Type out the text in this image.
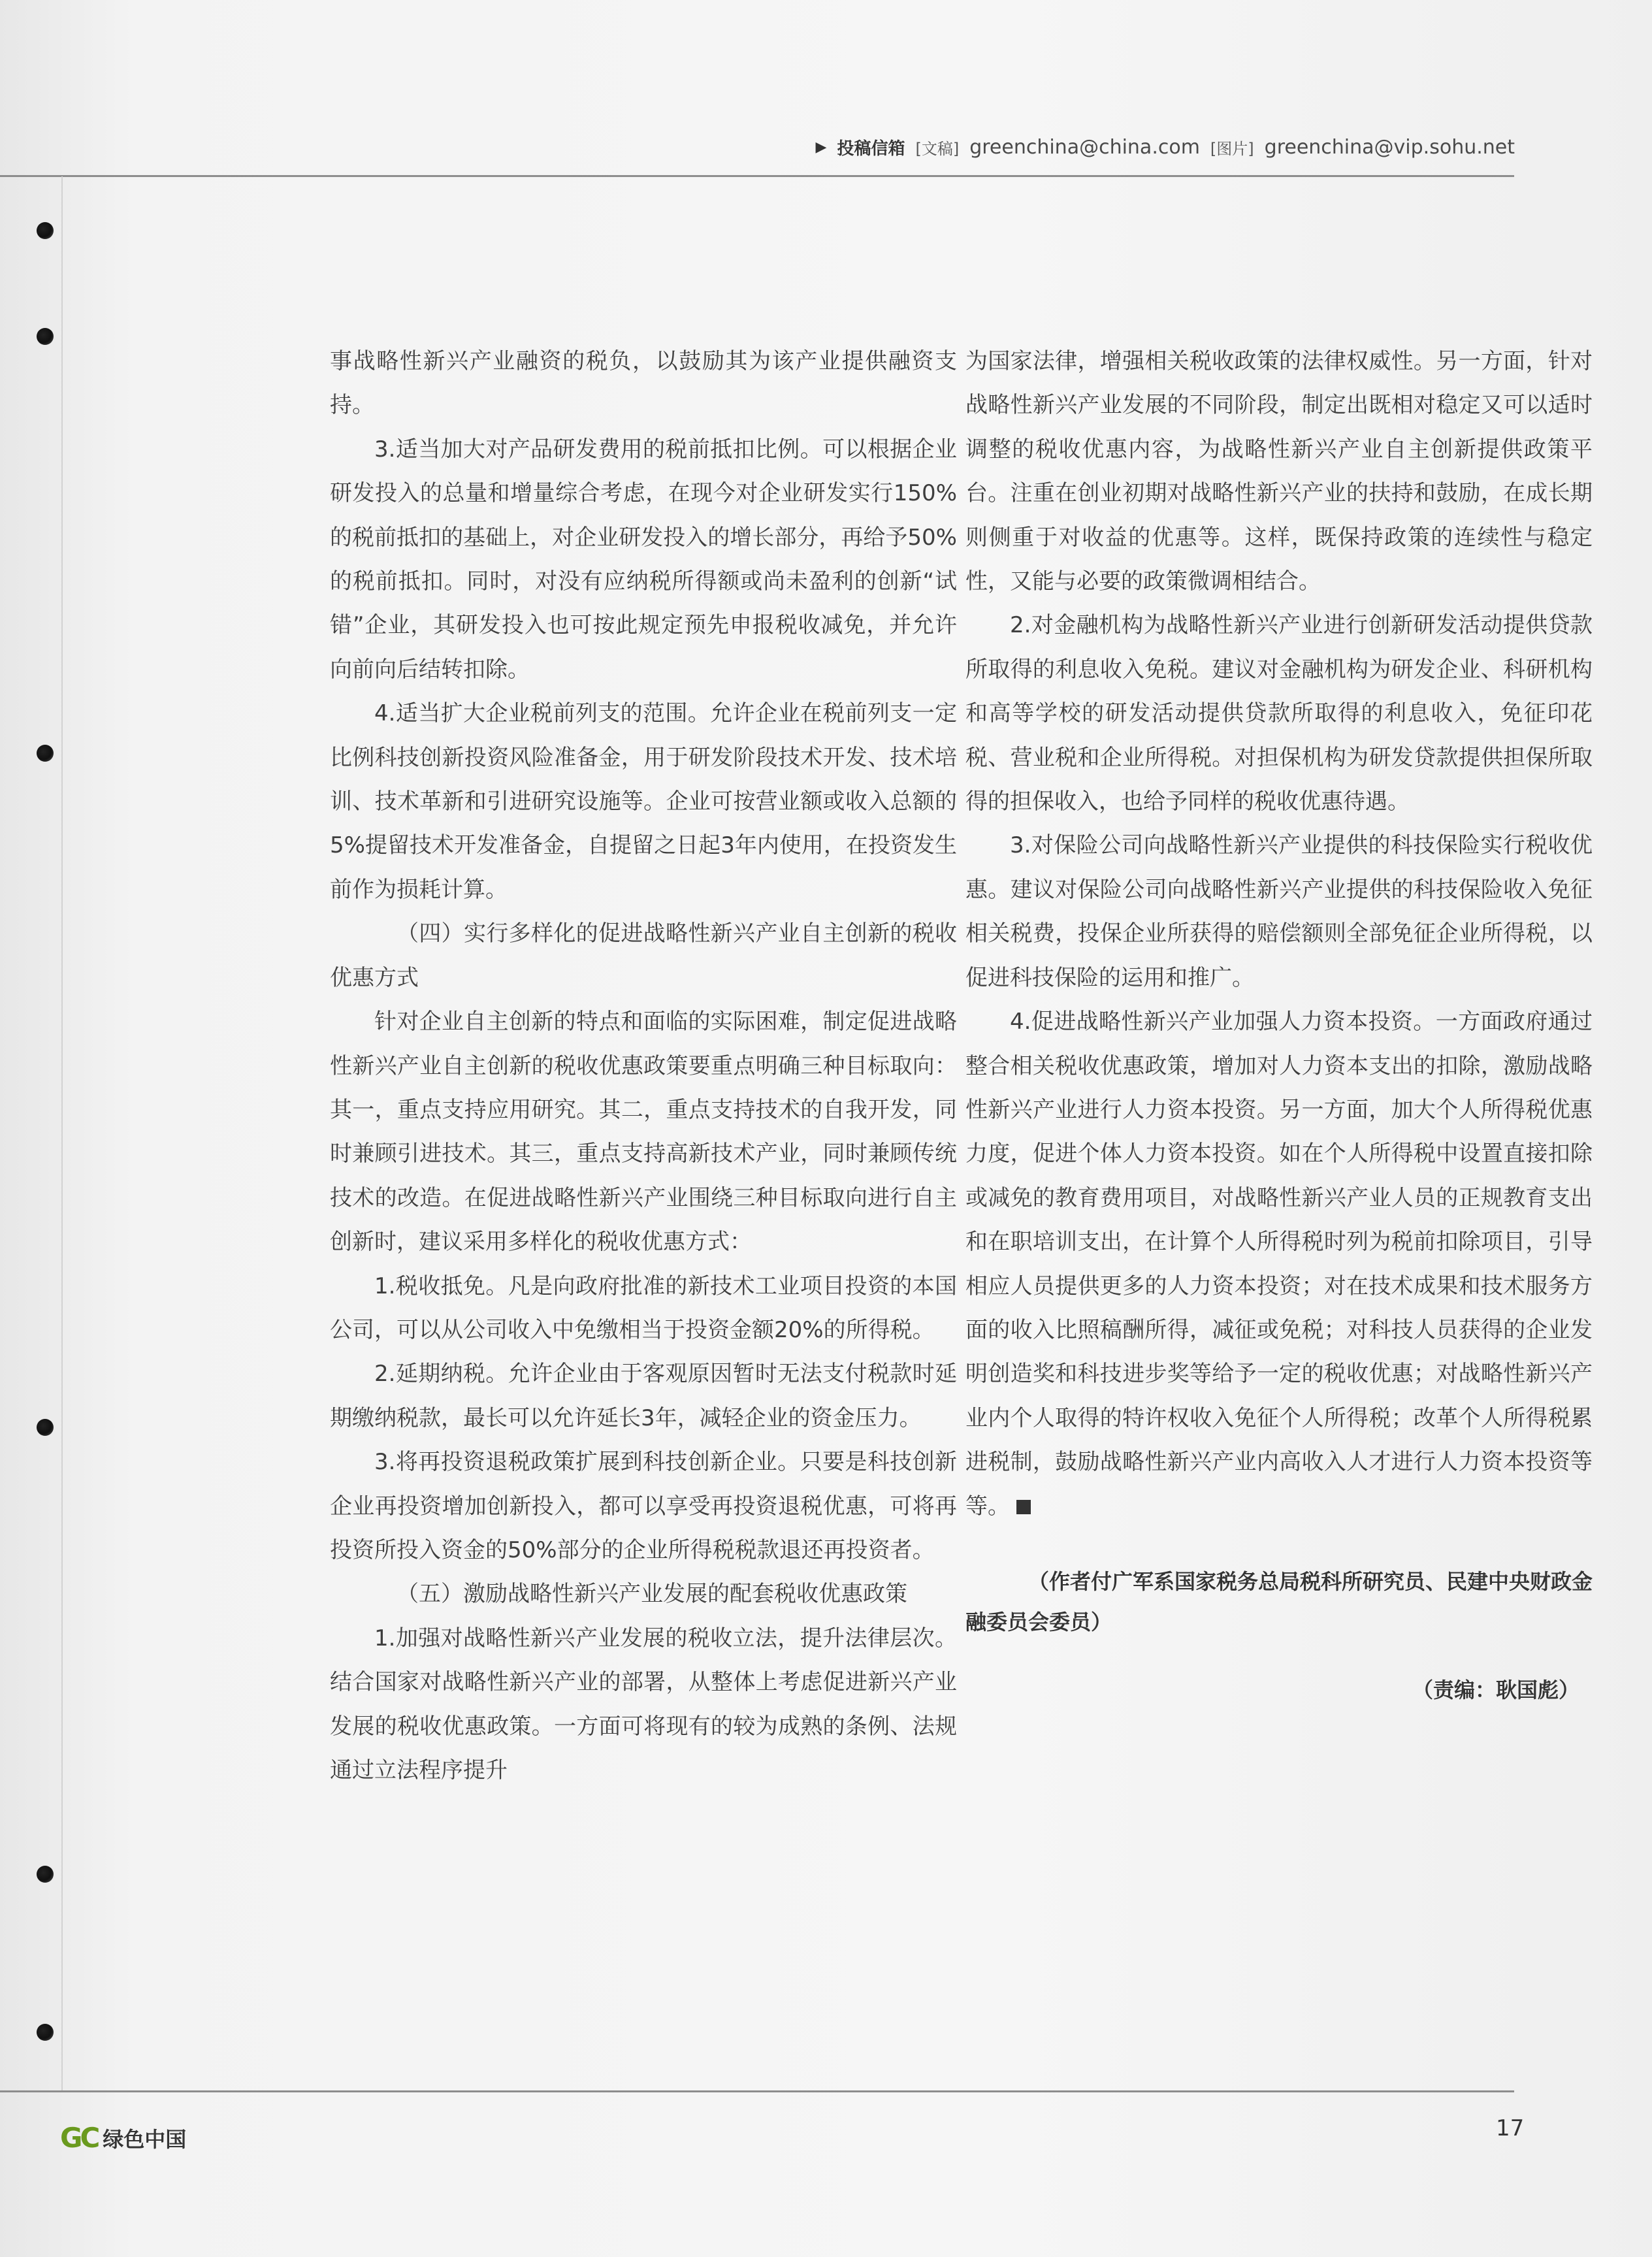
▶ 投稿信箱 [文稿] greenchina@china.com [图片] greenchina@vip.sohu.net

事战略性新兴产业融资的税负，以鼓励其为该产业提供融资支持。

3.适当加大对产品研发费用的税前抵扣比例。可以根据企业研发投入的总量和增量综合考虑，在现今对企业研发实行150%的税前抵扣的基础上，对企业研发投入的增长部分，再给予50%的税前抵扣。同时，对没有应纳税所得额或尚未盈利的创新“试错”企业，其研发投入也可按此规定预先申报税收减免，并允许向前向后结转扣除。

4.适当扩大企业税前列支的范围。允许企业在税前列支一定比例科技创新投资风险准备金，用于研发阶段技术开发、技术培训、技术革新和引进研究设施等。企业可按营业额或收入总额的5%提留技术开发准备金，自提留之日起3年内使用，在投资发生前作为损耗计算。

（四）实行多样化的促进战略性新兴产业自主创新的税收优惠方式

针对企业自主创新的特点和面临的实际困难，制定促进战略性新兴产业自主创新的税收优惠政策要重点明确三种目标取向：其一，重点支持应用研究。其二，重点支持技术的自我开发，同时兼顾引进技术。其三，重点支持高新技术产业，同时兼顾传统技术的改造。在促进战略性新兴产业围绕三种目标取向进行自主创新时，建议采用多样化的税收优惠方式：

1.税收抵免。凡是向政府批准的新技术工业项目投资的本国公司，可以从公司收入中免缴相当于投资金额20%的所得税。

2.延期纳税。允许企业由于客观原因暂时无法支付税款时延期缴纳税款，最长可以允许延长3年，减轻企业的资金压力。

3.将再投资退税政策扩展到科技创新企业。只要是科技创新企业再投资增加创新投入，都可以享受再投资退税优惠，可将再投资所投入资金的50%部分的企业所得税税款退还再投资者。

（五）激励战略性新兴产业发展的配套税收优惠政策

1.加强对战略性新兴产业发展的税收立法，提升法律层次。结合国家对战略性新兴产业的部署，从整体上考虑促进新兴产业发展的税收优惠政策。一方面可将现有的较为成熟的条例、法规通过立法程序提升

为国家法律，增强相关税收政策的法律权威性。另一方面，针对战略性新兴产业发展的不同阶段，制定出既相对稳定又可以适时调整的税收优惠内容，为战略性新兴产业自主创新提供政策平台。注重在创业初期对战略性新兴产业的扶持和鼓励，在成长期则侧重于对收益的优惠等。这样，既保持政策的连续性与稳定性，又能与必要的政策微调相结合。

2.对金融机构为战略性新兴产业进行创新研发活动提供贷款所取得的利息收入免税。建议对金融机构为研发企业、科研机构和高等学校的研发活动提供贷款所取得的利息收入，免征印花税、营业税和企业所得税。对担保机构为研发贷款提供担保所取得的担保收入，也给予同样的税收优惠待遇。

3.对保险公司向战略性新兴产业提供的科技保险实行税收优惠。建议对保险公司向战略性新兴产业提供的科技保险收入免征相关税费，投保企业所获得的赔偿额则全部免征企业所得税，以促进科技保险的运用和推广。

4.促进战略性新兴产业加强人力资本投资。一方面政府通过整合相关税收优惠政策，增加对人力资本支出的扣除，激励战略性新兴产业进行人力资本投资。另一方面，加大个人所得税优惠力度，促进个体人力资本投资。如在个人所得税中设置直接扣除或减免的教育费用项目，对战略性新兴产业人员的正规教育支出和在职培训支出，在计算个人所得税时列为税前扣除项目，引导相应人员提供更多的人力资本投资；对在技术成果和技术服务方面的收入比照稿酬所得，减征或免税；对科技人员获得的企业发明创造奖和科技进步奖等给予一定的税收优惠；对战略性新兴产业内个人取得的特许权收入免征个人所得税；改革个人所得税累进税制，鼓励战略性新兴产业内高收入人才进行人力资本投资等等。

（作者付广军系国家税务总局税科所研究员、民建中央财政金融委员会委员）
（责编：耿国彪）
GC 绿色中国	17
